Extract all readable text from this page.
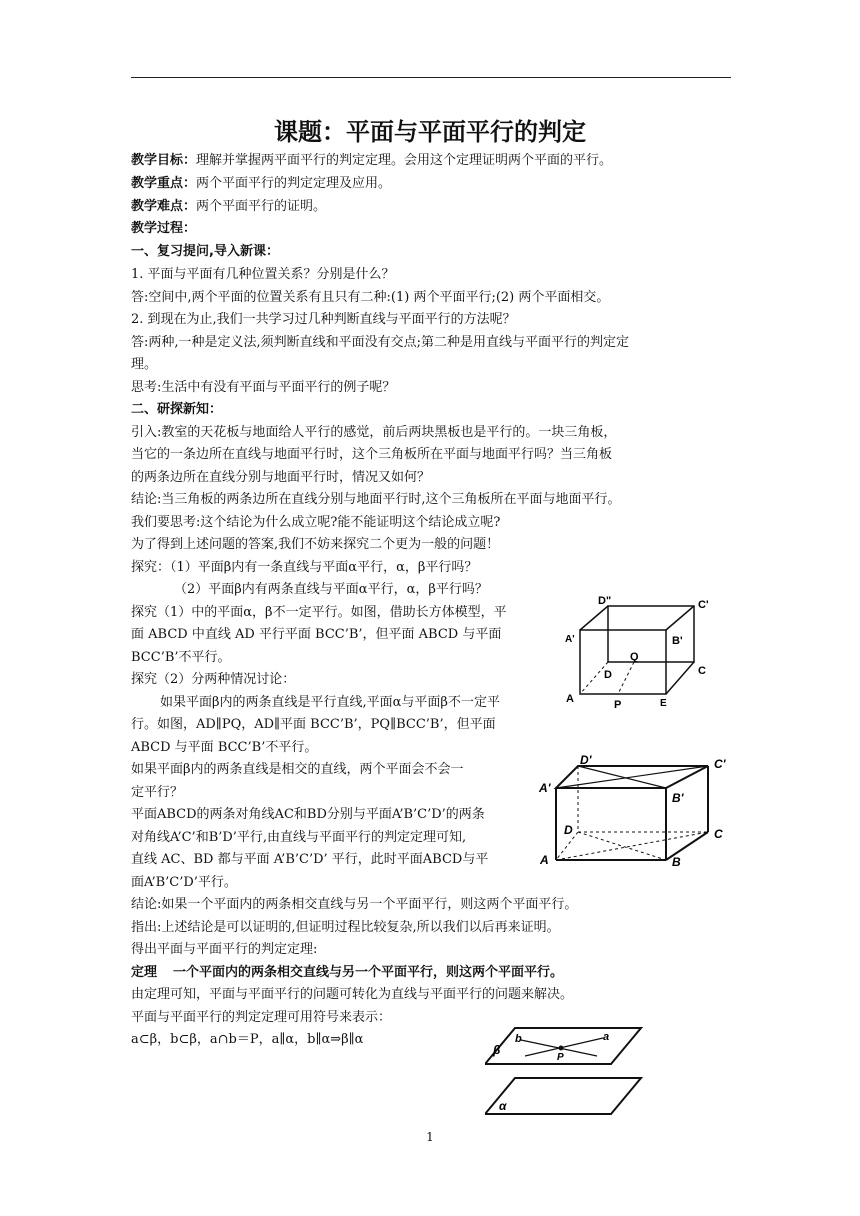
课题：平面与平面平行的判定
教学目标：理解并掌握两平面平行的判定定理。会用这个定理证明两个平面的平行。
教学重点：两个平面平行的判定定理及应用。
教学难点：两个平面平行的证明。
教学过程：
一、复习提问,导入新课：
1. 平面与平面有几种位置关系？分别是什么？
答:空间中,两个平面的位置关系有且只有二种:(1) 两个平面平行;(2) 两个平面相交。
2. 到现在为止,我们一共学习过几种判断直线与平面平行的方法呢？
答:两种,一种是定义法,须判断直线和平面没有交点;第二种是用直线与平面平行的判定定
理。
思考:生活中有没有平面与平面平行的例子呢？
二、研探新知：
引入:教室的天花板与地面给人平行的感觉，前后两块黑板也是平行的。一块三角板，
当它的一条边所在直线与地面平行时，这个三角板所在平面与地面平行吗？当三角板
的两条边所在直线分别与地面平行时，情况又如何？
结论:当三角板的两条边所在直线分别与地面平行时,这个三角板所在平面与地面平行。
我们要思考:这个结论为什么成立呢?能不能证明这个结论成立呢?
为了得到上述问题的答案,我们不妨来探究二个更为一般的问题！
探究：（1）平面β内有一条直线与平面α平行，α，β平行吗？
（2）平面β内有两条直线与平面α平行，α，β平行吗？
探究（1）中的平面α，β不一定平行。如图，借助长方体模型，平
面 ABCD 中直线 AD 平行平面 BCC’B’，但平面 ABCD 与平面
BCC’B’不平行。
探究（2）分两种情况讨论：
如果平面β内的两条直线是平行直线,平面α与平面β不一定平
行。如图，AD∥PQ，AD∥平面 BCC’B’，PQ∥BCC’B’，但平面
ABCD 与平面 BCC’B’不平行。
如果平面β内的两条直线是相交的直线，两个平面会不会一
定平行？
平面ABCD的两条对角线AC和BD分别与平面A’B’C’D’的两条
对角线A’C’和B’D’平行,由直线与平面平行的判定定理可知,
直线 AC、BD 都与平面 A’B’C’D’ 平行，此时平面ABCD与平
面A’B’C’D’平行。
结论:如果一个平面内的两条相交直线与另一个平面平行，则这两个平面平行。
指出:上述结论是可以证明的,但证明过程比较复杂,所以我们以后再来证明。
得出平面与平面平行的判定定理:
定理 一个平面内的两条相交直线与另一个平面平行，则这两个平面平行。
由定理可知，平面与平面平行的问题可转化为直线与平面平行的问题来解决。
平面与平面平行的判定定理可用符号来表示：
a⊂β，b⊂β，a∩b＝P，a∥α，b∥α⇒β∥α
D"	C'
A'	B'
Q
D	C
A	P	E
D'	C'
A'
B'
D	C
A	B
β
a
b
P
α
1
